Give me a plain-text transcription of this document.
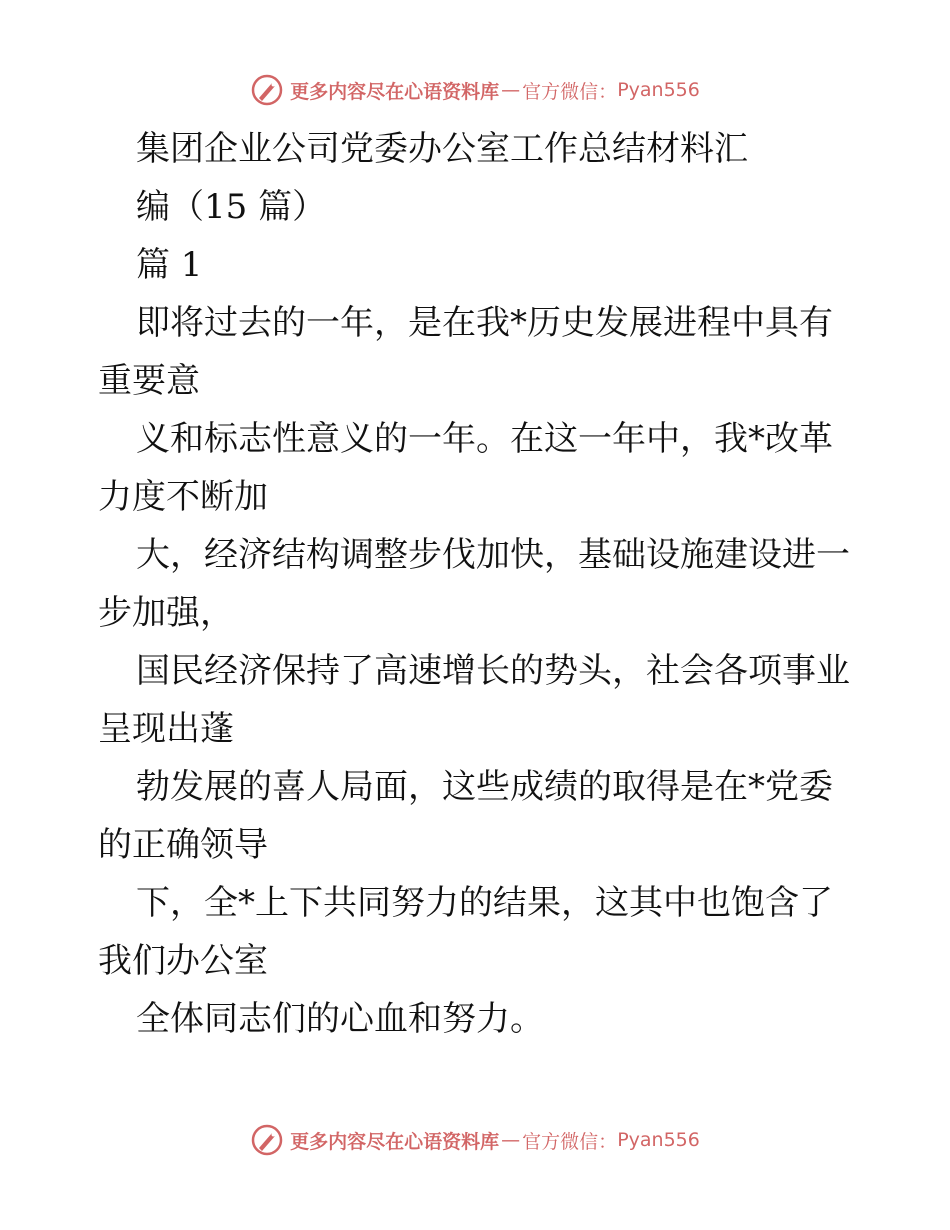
更多内容尽在心语资料库 — 官方微信： Pyan556
集团企业公司党委办公室工作总结材料汇
编（15 篇）
篇 1
即将过去的一年，是在我*历史发展进程中具有
重要意
义和标志性意义的一年。在这一年中，我*改革
力度不断加
大，经济结构调整步伐加快，基础设施建设进一
步加强，
国民经济保持了高速增长的势头，社会各项事业
呈现出蓬
勃发展的喜人局面，这些成绩的取得是在*党委
的正确领导
下，全*上下共同努力的结果，这其中也饱含了
我们办公室
全体同志们的心血和努力。
更多内容尽在心语资料库 — 官方微信： Pyan556
